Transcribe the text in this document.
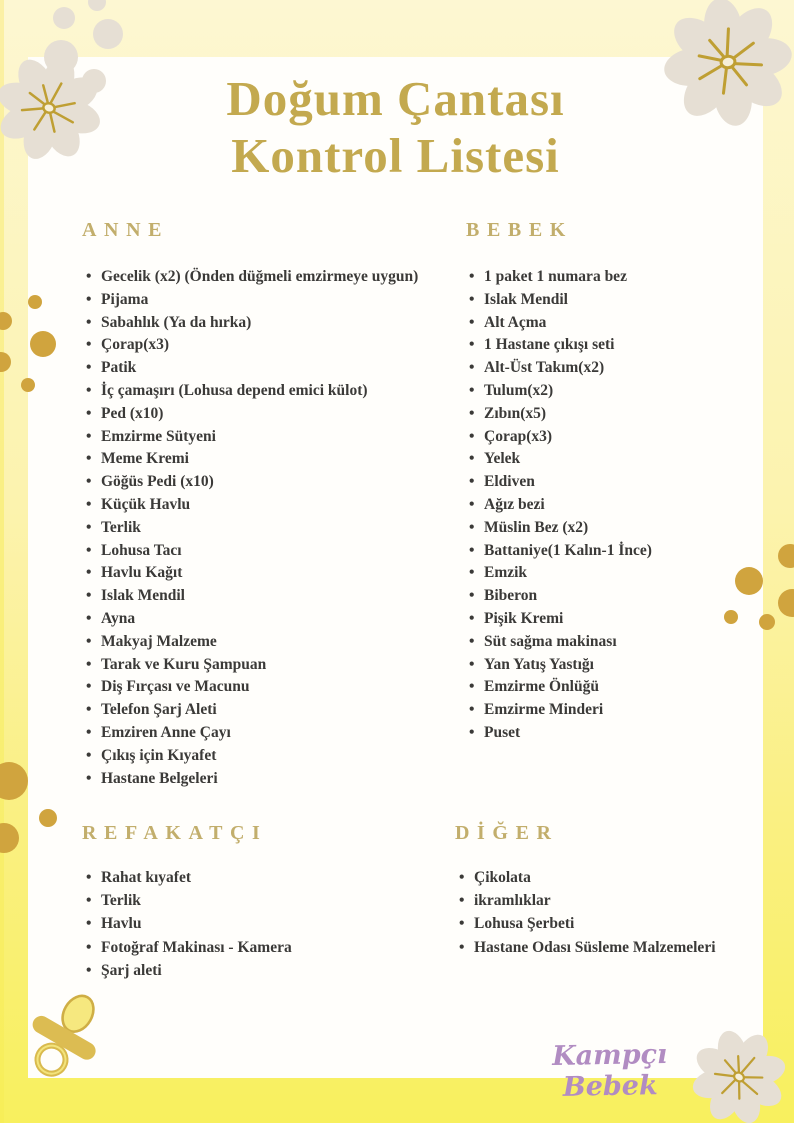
Doğum Çantası
Kontrol Listesi
ANNE
• Gecelik (x2) (Önden düğmeli emzirmeye uygun)
• Pijama
• Sabahlık (Ya da hırka)
• Çorap(x3)
• Patik
• İç çamaşırı (Lohusa depend emici külot)
• Ped (x10)
• Emzirme Sütyeni
• Meme Kremi
• Göğüs Pedi (x10)
• Küçük Havlu
• Terlik
• Lohusa Tacı
• Havlu Kağıt
• Islak Mendil
• Ayna
• Makyaj Malzeme
• Tarak ve Kuru Şampuan
• Diş Fırçası ve Macunu
• Telefon Şarj Aleti
• Emziren Anne Çayı
• Çıkış için Kıyafet
• Hastane Belgeleri
BEBEK
• 1 paket 1 numara bez
• Islak Mendil
• Alt Açma
• 1 Hastane çıkışı seti
• Alt-Üst Takım(x2)
• Tulum(x2)
• Zıbın(x5)
• Çorap(x3)
• Yelek
• Eldiven
• Ağız bezi
• Müslin Bez (x2)
• Battaniye(1 Kalın-1 İnce)
• Emzik
• Biberon
• Pişik Kremi
• Süt sağma makinası
• Yan Yatış Yastığı
• Emzirme Önlüğü
• Emzirme Minderi
• Puset
REFAKATÇI
• Rahat kıyafet
• Terlik
• Havlu
• Fotoğraf Makinası - Kamera
• Şarj aleti
DİĞER
• Çikolata
• ikramlıklar
• Lohusa Şerbeti
• Hastane Odası Süsleme Malzemeleri
Kampçı Bebek
